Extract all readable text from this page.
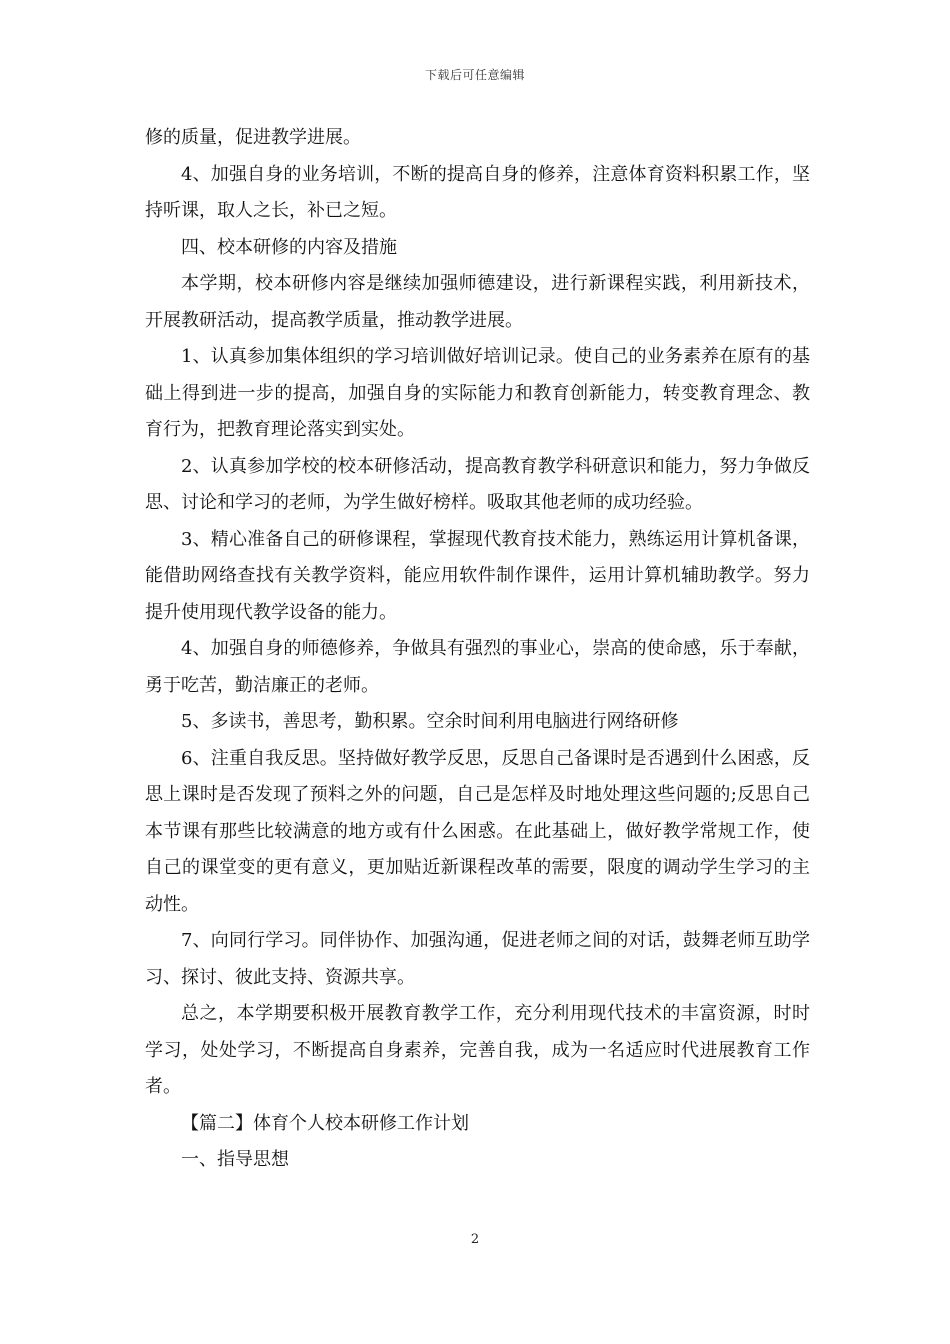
下载后可任意编辑

修的质量，促进教学进展。

4、加强自身的业务培训，不断的提高自身的修养，注意体育资料积累工作，坚持听课，取人之长，补已之短。

四、校本研修的内容及措施

本学期，校本研修内容是继续加强师德建设，进行新课程实践，利用新技术，开展教研活动，提高教学质量，推动教学进展。

1、认真参加集体组织的学习培训做好培训记录。使自己的业务素养在原有的基础上得到进一步的提高，加强自身的实际能力和教育创新能力，转变教育理念、教育行为，把教育理论落实到实处。

2、认真参加学校的校本研修活动，提高教育教学科研意识和能力，努力争做反思、讨论和学习的老师，为学生做好榜样。吸取其他老师的成功经验。

3、精心准备自己的研修课程，掌握现代教育技术能力，熟练运用计算机备课，能借助网络查找有关教学资料，能应用软件制作课件，运用计算机辅助教学。努力提升使用现代教学设备的能力。

4、加强自身的师德修养，争做具有强烈的事业心，崇高的使命感，乐于奉献，勇于吃苦，勤洁廉正的老师。

5、多读书，善思考，勤积累。空余时间利用电脑进行网络研修

6、注重自我反思。坚持做好教学反思，反思自己备课时是否遇到什么困惑，反思上课时是否发现了预料之外的问题，自己是怎样及时地处理这些问题的;反思自己本节课有那些比较满意的地方或有什么困惑。在此基础上，做好教学常规工作，使自己的课堂变的更有意义，更加贴近新课程改革的需要，限度的调动学生学习的主动性。

7、向同行学习。同伴协作、加强沟通，促进老师之间的对话，鼓舞老师互助学习、探讨、彼此支持、资源共享。

总之，本学期要积极开展教育教学工作，充分利用现代技术的丰富资源，时时学习，处处学习，不断提高自身素养，完善自我，成为一名适应时代进展教育工作者。

【篇二】体育个人校本研修工作计划

一、指导思想

2
